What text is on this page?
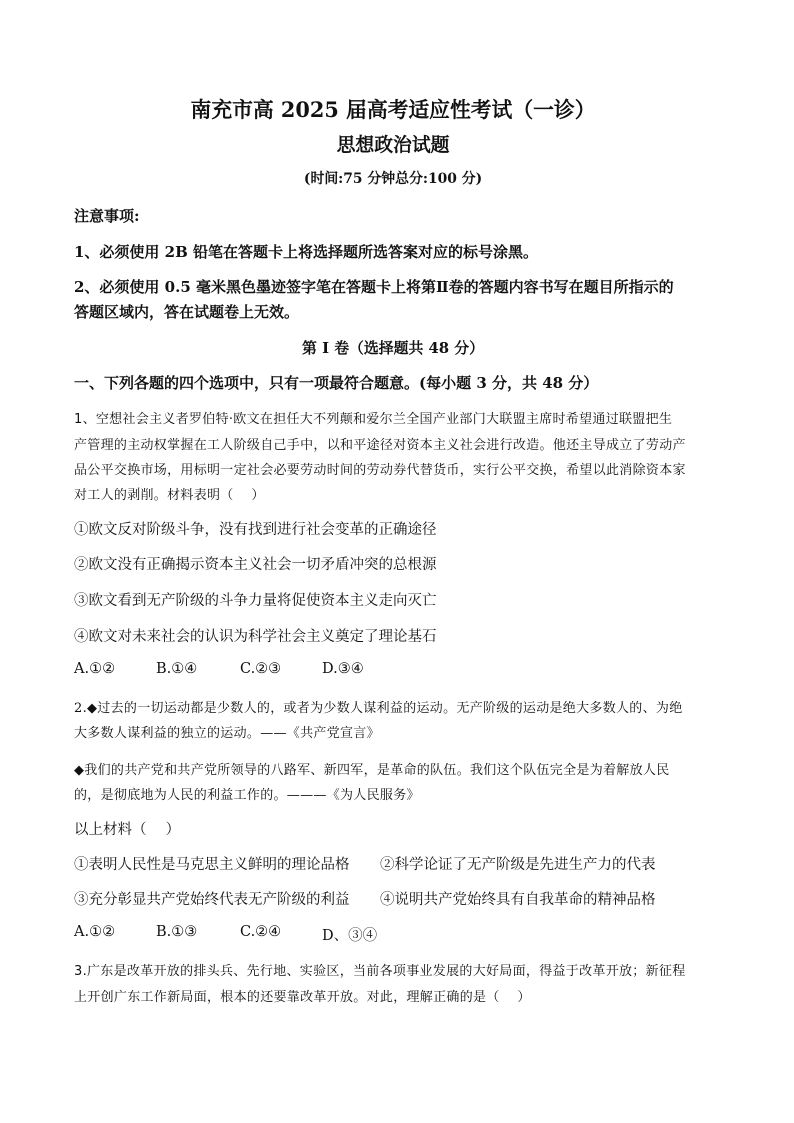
南充市高 2025 届高考适应性考试（一诊）
思想政治试题
(时间:75 分钟总分:100 分)
注意事项:
1、必须使用 2B 铅笔在答题卡上将选择题所选答案对应的标号涂黑。
2、必须使用 0.5 毫米黑色墨迹签字笔在答题卡上将第Ⅱ卷的答题内容书写在题目所指示的
答题区域内，答在试题卷上无效。
第 I 卷（选择题共 48 分）
一、下列各题的四个选项中，只有一项最符合题意。(每小题 3 分，共 48 分）
1、空想社会主义者罗伯特·欧文在担任大不列颠和爱尔兰全国产业部门大联盟主席时希望通过联盟把生
产管理的主动权掌握在工人阶级自己手中，以和平途径对资本主义社会进行改造。他还主导成立了劳动产
品公平交换市场，用标明一定社会必要劳动时间的劳动券代替货币，实行公平交换，希望以此消除资本家
对工人的剥削。材料表明（　 ）
①欧文反对阶级斗争，没有找到进行社会变革的正确途径
②欧文没有正确揭示资本主义社会一切矛盾冲突的总根源
③欧文看到无产阶级的斗争力量将促使资本主义走向灭亡
④欧文对未来社会的认识为科学社会主义奠定了理论基石
A.①②	B.①④	C.②③	D.③④
2.◆过去的一切运动都是少数人的，或者为少数人谋利益的运动。无产阶级的运动是绝大多数人的、为绝
大多数人谋利益的独立的运动。——《共产党宣言》
◆我们的共产党和共产党所领导的八路军、新四军，是革命的队伍。我们这个队伍完全是为着解放人民
的，是彻底地为人民的利益工作的。———《为人民服务》
以上材料（　 ）
①表明人民性是马克思主义鲜明的理论品格 ②科学论证了无产阶级是先进生产力的代表
③充分彰显共产党始终代表无产阶级的利益 ④说明共产党始终具有自我革命的精神品格
A.①②	B.①③	C.②④	D、③④
3.广东是改革开放的排头兵、先行地、实验区，当前各项事业发展的大好局面，得益于改革开放；新征程
上开创广东工作新局面，根本的还要靠改革开放。对此，理解正确的是（　 ）
